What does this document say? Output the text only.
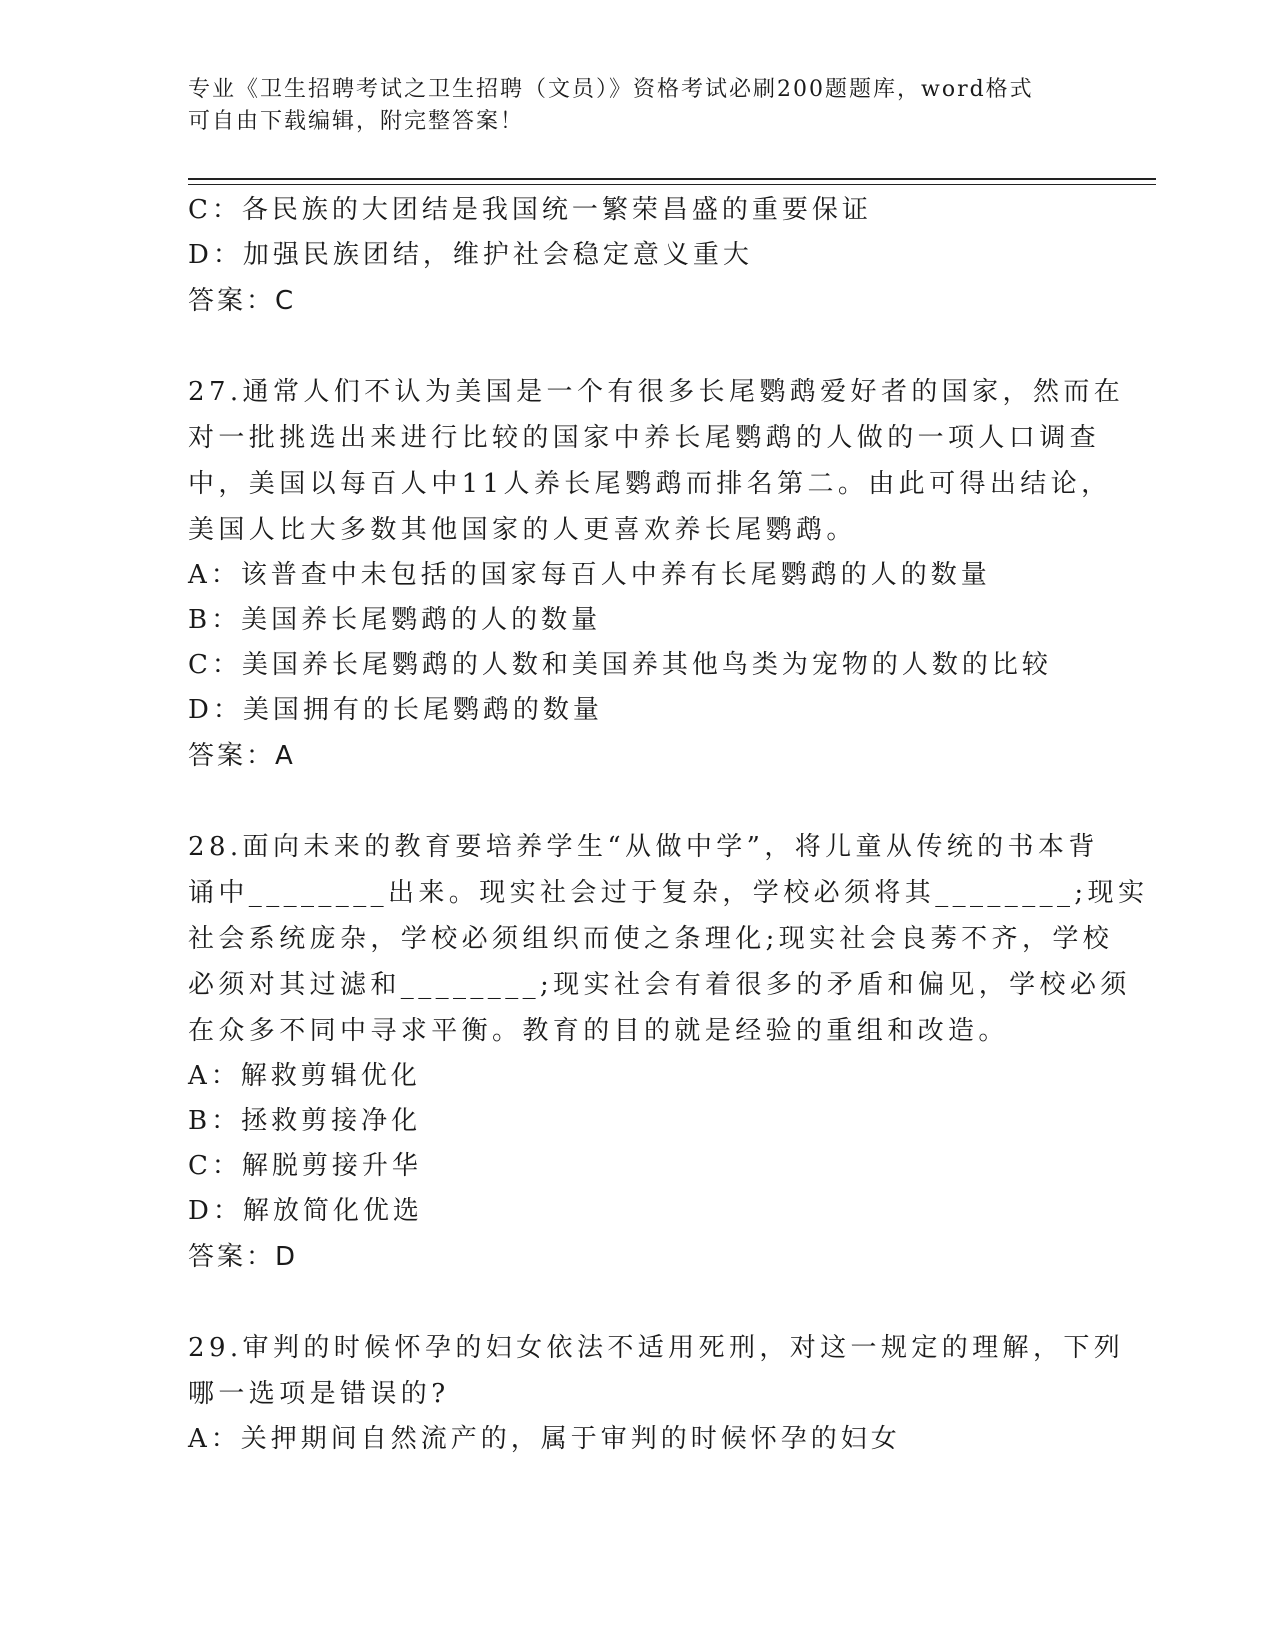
专业《卫生招聘考试之卫生招聘（文员）》资格考试必刷200题题库，word格式
可自由下载编辑，附完整答案！
C：各民族的大团结是我国统一繁荣昌盛的重要保证
D：加强民族团结，维护社会稳定意义重大
答案：C
27.通常人们不认为美国是一个有很多长尾鹦鹉爱好者的国家，然而在
对一批挑选出来进行比较的国家中养长尾鹦鹉的人做的一项人口调查
中，美国以每百人中11人养长尾鹦鹉而排名第二。由此可得出结论，
美国人比大多数其他国家的人更喜欢养长尾鹦鹉。
A：该普查中未包括的国家每百人中养有长尾鹦鹉的人的数量
B：美国养长尾鹦鹉的人的数量
C：美国养长尾鹦鹉的人数和美国养其他鸟类为宠物的人数的比较
D：美国拥有的长尾鹦鹉的数量
答案：A
28.面向未来的教育要培养学生“从做中学”，将儿童从传统的书本背
诵中________出来。现实社会过于复杂，学校必须将其________;现实
社会系统庞杂，学校必须组织而使之条理化;现实社会良莠不齐，学校
必须对其过滤和________;现实社会有着很多的矛盾和偏见，学校必须
在众多不同中寻求平衡。教育的目的就是经验的重组和改造。
A：解救剪辑优化
B：拯救剪接净化
C：解脱剪接升华
D：解放简化优选
答案：D
29.审判的时候怀孕的妇女依法不适用死刑，对这一规定的理解，下列
哪一选项是错误的?
A：关押期间自然流产的，属于审判的时候怀孕的妇女
